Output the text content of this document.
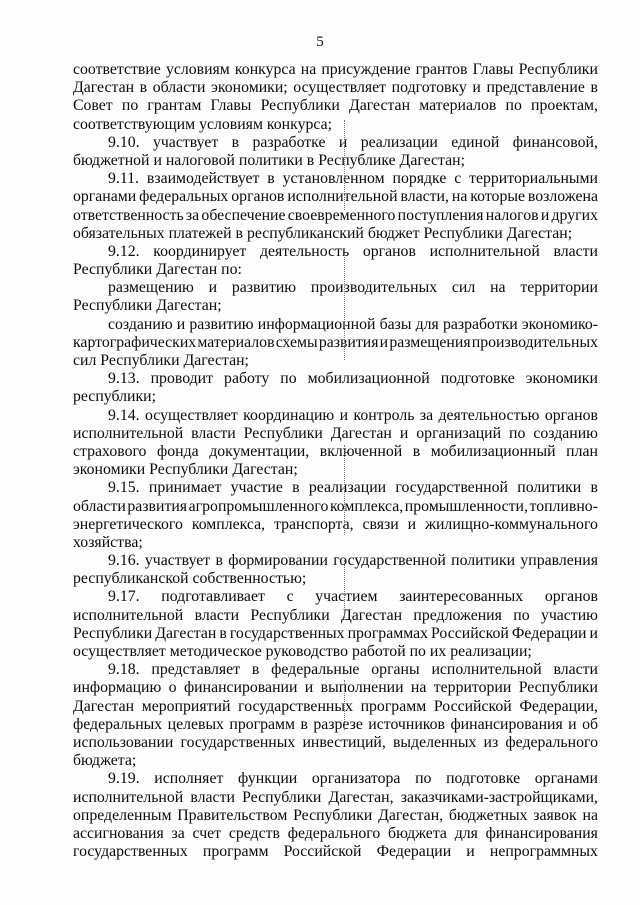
5
соответствие условиям конкурса на присуждение грантов Главы Республики
Дагестан в области экономики; осуществляет подготовку и представление в
Совет по грантам Главы Республики Дагестан материалов по проектам,
соответствующим условиям конкурса;
9.10. участвует в разработке и реализации единой финансовой,
бюджетной и налоговой политики в Республике Дагестан;
9.11. взаимодействует в установленном порядке с территориальными
органами федеральных органов исполнительной власти, на которые возложена
ответственность за обеспечение своевременного поступления налогов и других
обязательных платежей в республиканский бюджет Республики Дагестан;
9.12. координирует деятельность органов исполнительной власти
Республики Дагестан по:
размещению и развитию производительных сил на территории
Республики Дагестан;
созданию и развитию информационной базы для разработки экономико-
картографических материалов схемы развития и размещения производительных
сил Республики Дагестан;
9.13. проводит работу по мобилизационной подготовке экономики
республики;
9.14. осуществляет координацию и контроль за деятельностью органов
исполнительной власти Республики Дагестан и организаций по созданию
страхового фонда документации, включенной в мобилизационный план
экономики Республики Дагестан;
9.15. принимает участие в реализации государственной политики в
области развития агропромышленного комплекса, промышленности, топливно-
энергетического комплекса, транспорта, связи и жилищно-коммунального
хозяйства;
9.16. участвует в формировании государственной политики управления
республиканской собственностью;
9.17. подготавливает с участием заинтересованных органов
исполнительной власти Республики Дагестан предложения по участию
Республики Дагестан в государственных программах Российской Федерации и
осуществляет методическое руководство работой по их реализации;
9.18. представляет в федеральные органы исполнительной власти
информацию о финансировании и выполнении на территории Республики
Дагестан мероприятий государственных программ Российской Федерации,
федеральных целевых программ в разрезе источников финансирования и об
использовании государственных инвестиций, выделенных из федерального
бюджета;
9.19. исполняет функции организатора по подготовке органами
исполнительной власти Республики Дагестан, заказчиками-застройщиками,
определенным Правительством Республики Дагестан, бюджетных заявок на
ассигнования за счет средств федерального бюджета для финансирования
государственных программ Российской Федерации и непрограммных
